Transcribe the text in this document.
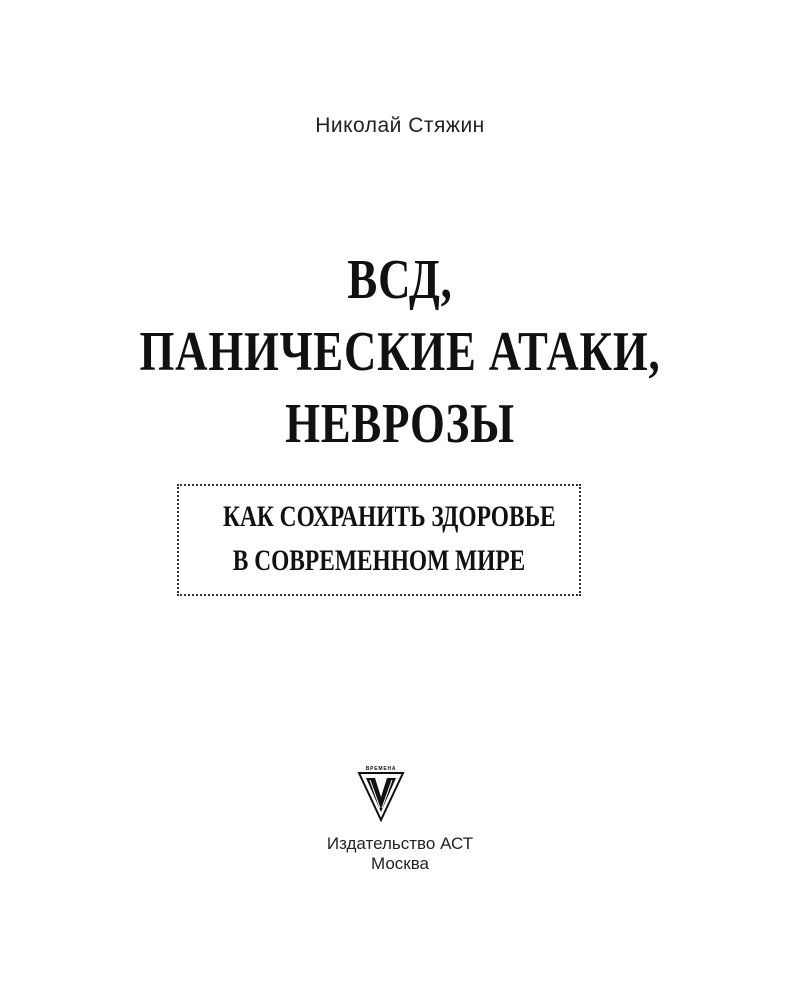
Николай Стяжин
ВСД,
ПАНИЧЕСКИЕ АТАКИ,
НЕВРОЗЫ
КАК СОХРАНИТЬ ЗДОРОВЬЕ
В СОВРЕМЕННОМ МИРЕ
ВРЕМЕНА
Издательство АСТ
Москва
